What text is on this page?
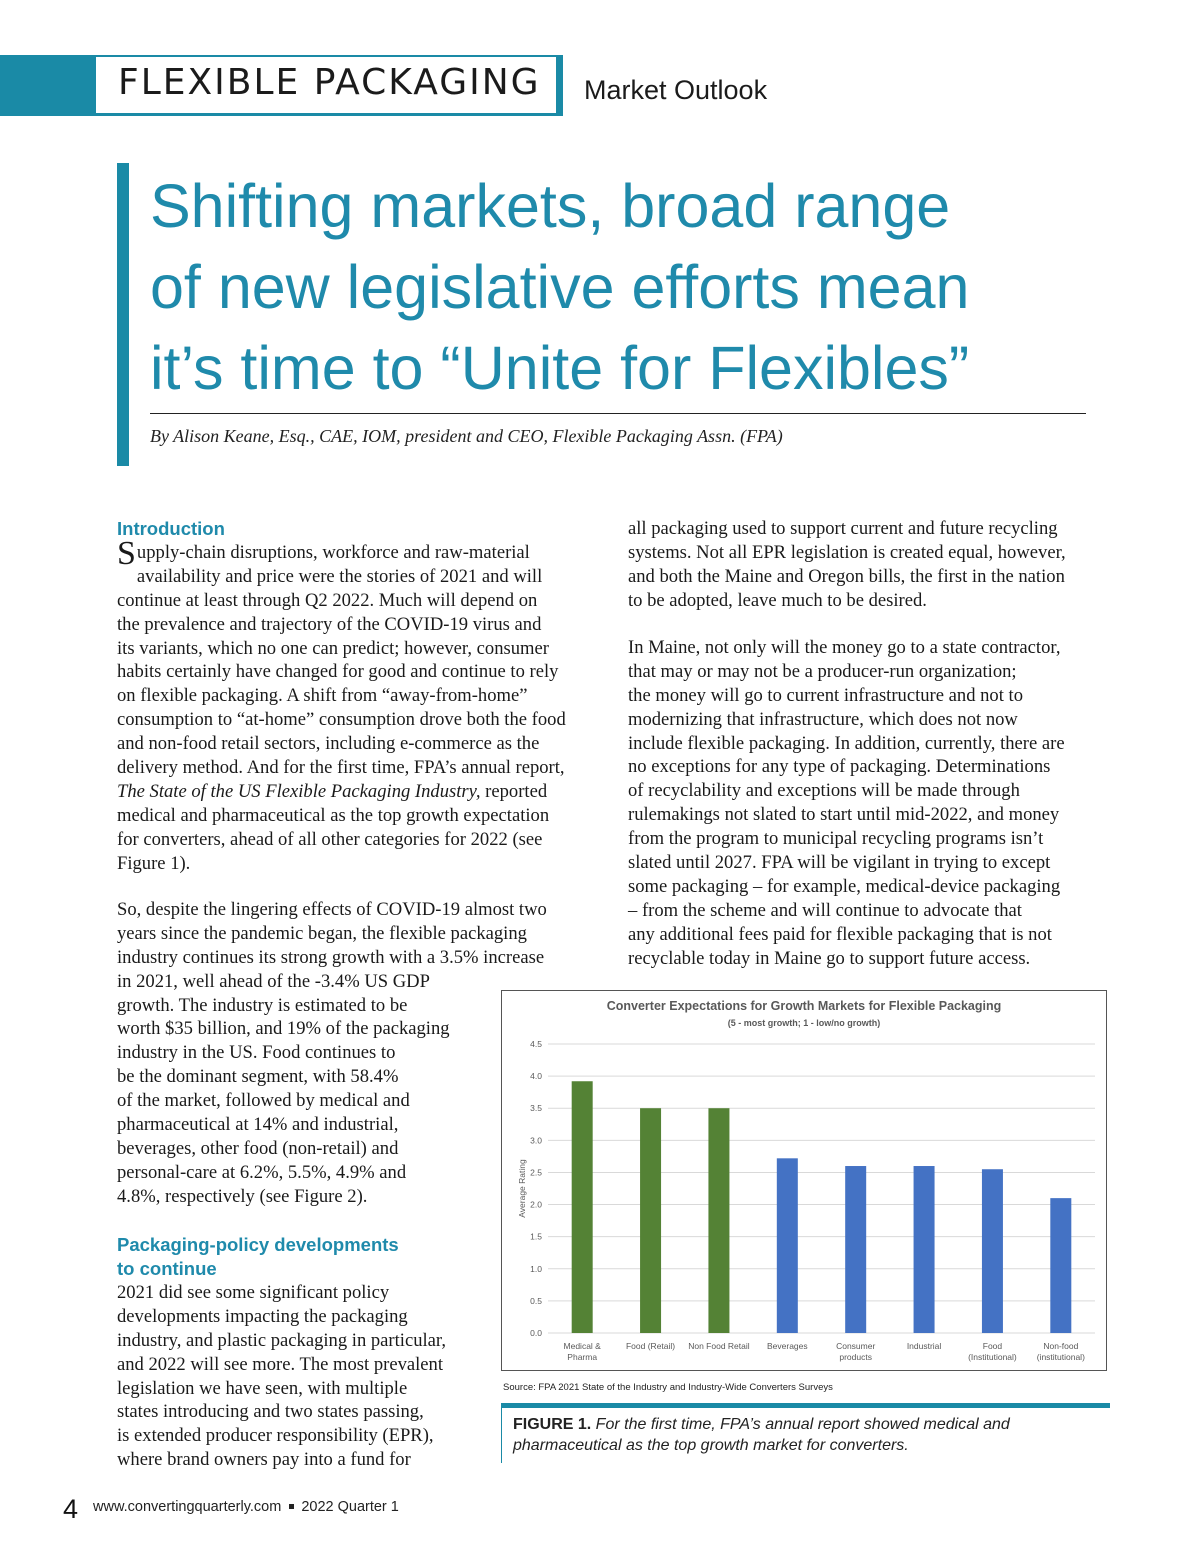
FLEXIBLE PACKAGING Market Outlook
Shifting markets, broad range
of new legislative efforts mean
it’s time to “Unite for Flexibles”
By Alison Keane, Esq., CAE, IOM, president and CEO, Flexible Packaging Assn. (FPA)
Introduction
S upply-chain disruptions, workforce and raw-material
availability and price were the stories of 2021 and will
continue at least through Q2 2022. Much will depend on
the prevalence and trajectory of the COVID-19 virus and
its variants, which no one can predict; however, consumer
habits certainly have changed for good and continue to rely
on flexible packaging. A shift from “away-from-home”
consumption to “at-home” consumption drove both the food
and non-food retail sectors, including e-commerce as the
delivery method. And for the first time, FPA’s annual report,
The State of the US Flexible Packaging Industry, reported
medical and pharmaceutical as the top growth expectation
for converters, ahead of all other categories for 2022 (see
Figure 1).
So, despite the lingering effects of COVID-19 almost two
years since the pandemic began, the flexible packaging
industry continues its strong growth with a 3.5% increase
in 2021, well ahead of the -3.4% US GDP
growth. The industry is estimated to be
worth $35 billion, and 19% of the packaging
industry in the US. Food continues to
be the dominant segment, with 58.4%
of the market, followed by medical and
pharmaceutical at 14% and industrial,
beverages, other food (non-retail) and
personal-care at 6.2%, 5.5%, 4.9% and
4.8%, respectively (see Figure 2).
Packaging-policy developments
to continue
2021 did see some significant policy
developments impacting the packaging
industry, and plastic packaging in particular,
and 2022 will see more. The most prevalent
legislation we have seen, with multiple
states introducing and two states passing,
is extended producer responsibility (EPR),
where brand owners pay into a fund for
all packaging used to support current and future recycling
systems. Not all EPR legislation is created equal, however,
and both the Maine and Oregon bills, the first in the nation
to be adopted, leave much to be desired.
In Maine, not only will the money go to a state contractor,
that may or may not be a producer-run organization;
the money will go to current infrastructure and not to
modernizing that infrastructure, which does not now
include flexible packaging. In addition, currently, there are
no exceptions for any type of packaging. Determinations
of recyclability and exceptions will be made through
rulemakings not slated to start until mid-2022, and money
from the program to municipal recycling programs isn’t
slated until 2027. FPA will be vigilant in trying to except
some packaging – for example, medical-device packaging
– from the scheme and will continue to advocate that
any additional fees paid for flexible packaging that is not
recyclable today in Maine go to support future access.
Converter Expectations for Growth Markets for Flexible Packaging
(5 - most growth; 1 - low/no growth)
0.0
0.5
1.0
1.5
2.0
2.5
3.0
3.5
4.0
4.5
Average Rating
Medical &
Pharma
Food (Retail) Non Food Retail Beverages	Consumer
products
Industrial	Food
(Institutional)
Non-food
(institutional)
Source: FPA 2021 State of the Industry and Industry-Wide Converters Surveys
FIGURE 1. For the first time, FPA’s annual report showed medical and pharmaceutical as the top growth market for converters.
4 www.convertingquarterly.com 2022 Quarter 1
